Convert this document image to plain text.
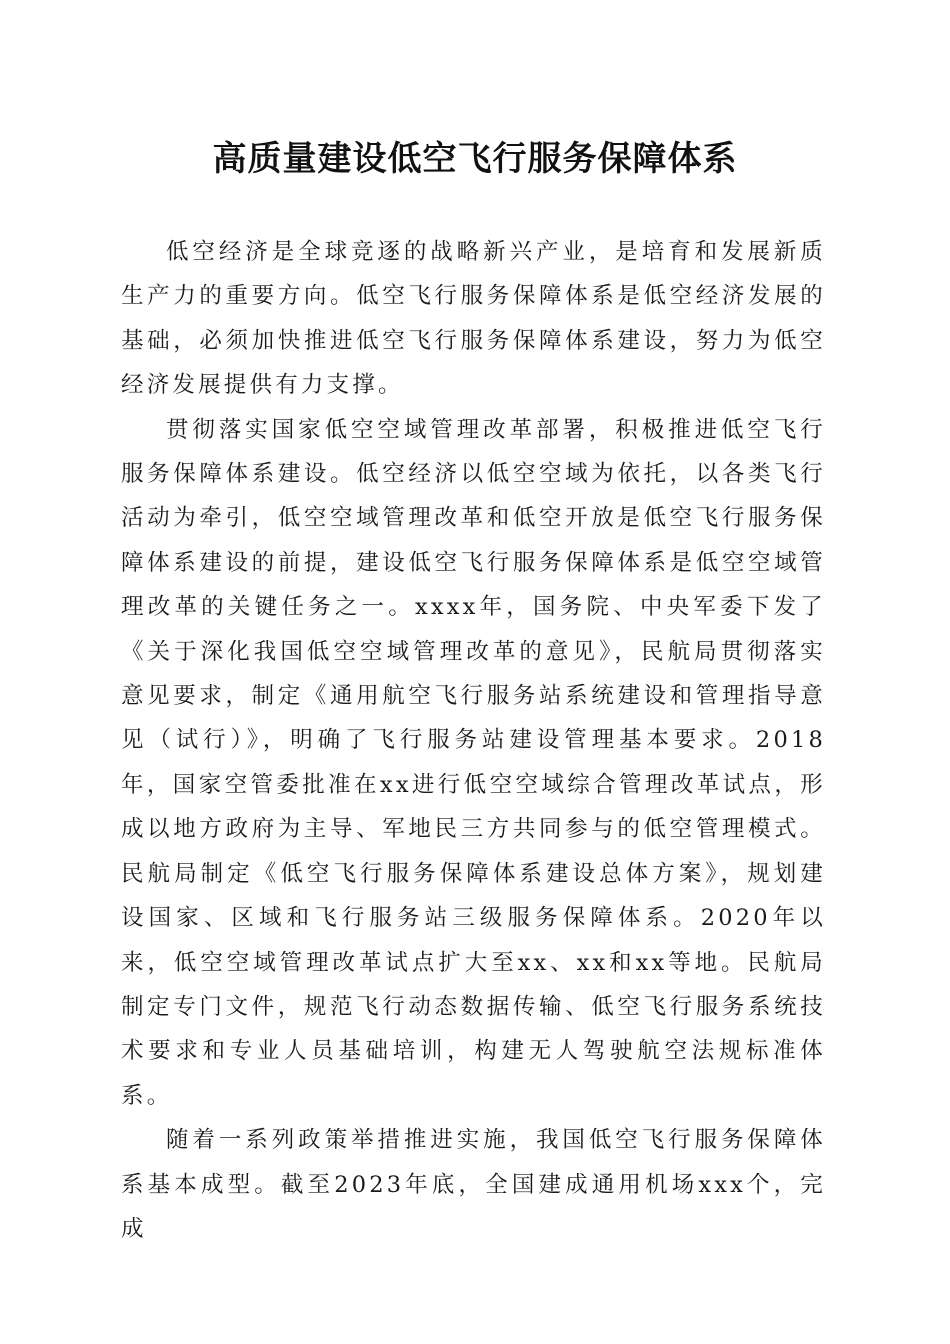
高质量建设低空飞行服务保障体系

低空经济是全球竞逐的战略新兴产业，是培育和发展新质生产力的重要方向。低空飞行服务保障体系是低空经济发展的基础，必须加快推进低空飞行服务保障体系建设，努力为低空经济发展提供有力支撑。

贯彻落实国家低空空域管理改革部署，积极推进低空飞行服务保障体系建设。低空经济以低空空域为依托，以各类飞行活动为牵引，低空空域管理改革和低空开放是低空飞行服务保障体系建设的前提，建设低空飞行服务保障体系是低空空域管理改革的关键任务之一。xxxx年，国务院、中央军委下发了《关于深化我国低空空域管理改革的意见》，民航局贯彻落实意见要求，制定《通用航空飞行服务站系统建设和管理指导意见（试行）》，明确了飞行服务站建设管理基本要求。2018年，国家空管委批准在xx进行低空空域综合管理改革试点，形成以地方政府为主导、军地民三方共同参与的低空管理模式。民航局制定《低空飞行服务保障体系建设总体方案》，规划建设国家、区域和飞行服务站三级服务保障体系。2020年以来，低空空域管理改革试点扩大至xx、xx和xx等地。民航局制定专门文件，规范飞行动态数据传输、低空飞行服务系统技术要求和专业人员基础培训，构建无人驾驶航空法规标准体系。

随着一系列政策举措推进实施，我国低空飞行服务保障体系基本成型。截至2023年底，全国建成通用机场xxx个，完成
